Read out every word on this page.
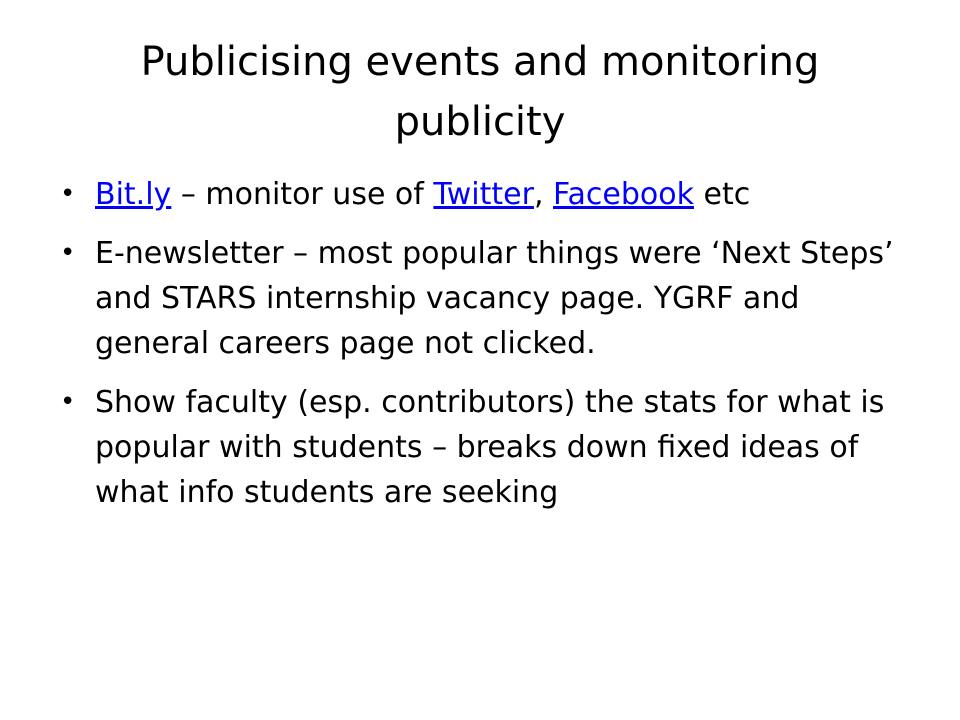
Publicising events and monitoring publicity
• Bit.ly – monitor use of Twitter, Facebook etc
• E-newsletter – most popular things were ‘Next Steps’ and STARS internship vacancy page. YGRF and general careers page not clicked.
• Show faculty (esp. contributors) the stats for what is popular with students – breaks down fixed ideas of what info students are seeking
